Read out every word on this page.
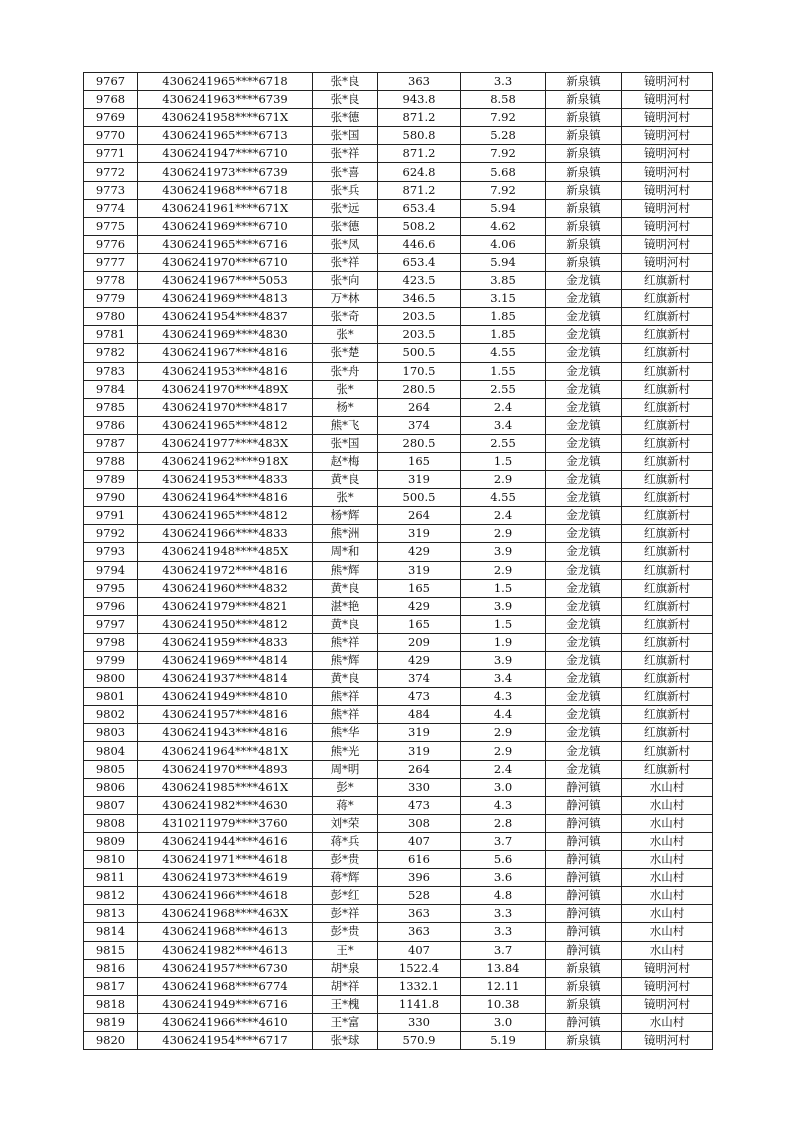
9767	4306241965****6718	张*良	363	3.3	新泉镇	镜明河村
9768	4306241963****6739	张*良	943.8	8.58	新泉镇	镜明河村
9769	4306241958****671X	张*德	871.2	7.92	新泉镇	镜明河村
9770	4306241965****6713	张*国	580.8	5.28	新泉镇	镜明河村
9771	4306241947****6710	张*祥	871.2	7.92	新泉镇	镜明河村
9772	4306241973****6739	张*喜	624.8	5.68	新泉镇	镜明河村
9773	4306241968****6718	张*兵	871.2	7.92	新泉镇	镜明河村
9774	4306241961****671X	张*远	653.4	5.94	新泉镇	镜明河村
9775	4306241969****6710	张*德	508.2	4.62	新泉镇	镜明河村
9776	4306241965****6716	张*凤	446.6	4.06	新泉镇	镜明河村
9777	4306241970****6710	张*祥	653.4	5.94	新泉镇	镜明河村
9778	4306241967****5053	张*向	423.5	3.85	金龙镇	红旗新村
9779	4306241969****4813	万*林	346.5	3.15	金龙镇	红旗新村
9780	4306241954****4837	张*奇	203.5	1.85	金龙镇	红旗新村
9781	4306241969****4830	张*	203.5	1.85	金龙镇	红旗新村
9782	4306241967****4816	张*楚	500.5	4.55	金龙镇	红旗新村
9783	4306241953****4816	张*舟	170.5	1.55	金龙镇	红旗新村
9784	4306241970****489X	张*	280.5	2.55	金龙镇	红旗新村
9785	4306241970****4817	杨*	264	2.4	金龙镇	红旗新村
9786	4306241965****4812	熊*飞	374	3.4	金龙镇	红旗新村
9787	4306241977****483X	张*国	280.5	2.55	金龙镇	红旗新村
9788	4306241962****918X	赵*梅	165	1.5	金龙镇	红旗新村
9789	4306241953****4833	黄*良	319	2.9	金龙镇	红旗新村
9790	4306241964****4816	张*	500.5	4.55	金龙镇	红旗新村
9791	4306241965****4812	杨*辉	264	2.4	金龙镇	红旗新村
9792	4306241966****4833	熊*洲	319	2.9	金龙镇	红旗新村
9793	4306241948****485X	周*和	429	3.9	金龙镇	红旗新村
9794	4306241972****4816	熊*辉	319	2.9	金龙镇	红旗新村
9795	4306241960****4832	黄*良	165	1.5	金龙镇	红旗新村
9796	4306241979****4821	湛*艳	429	3.9	金龙镇	红旗新村
9797	4306241950****4812	黄*良	165	1.5	金龙镇	红旗新村
9798	4306241959****4833	熊*祥	209	1.9	金龙镇	红旗新村
9799	4306241969****4814	熊*辉	429	3.9	金龙镇	红旗新村
9800	4306241937****4814	黄*良	374	3.4	金龙镇	红旗新村
9801	4306241949****4810	熊*祥	473	4.3	金龙镇	红旗新村
9802	4306241957****4816	熊*祥	484	4.4	金龙镇	红旗新村
9803	4306241943****4816	熊*华	319	2.9	金龙镇	红旗新村
9804	4306241964****481X	熊*光	319	2.9	金龙镇	红旗新村
9805	4306241970****4893	周*明	264	2.4	金龙镇	红旗新村
9806	4306241985****461X	彭*	330	3.0	静河镇	水山村
9807	4306241982****4630	蒋*	473	4.3	静河镇	水山村
9808	4310211979****3760	刘*荣	308	2.8	静河镇	水山村
9809	4306241944****4616	蒋*兵	407	3.7	静河镇	水山村
9810	4306241971****4618	彭*贵	616	5.6	静河镇	水山村
9811	4306241973****4619	蒋*辉	396	3.6	静河镇	水山村
9812	4306241966****4618	彭*红	528	4.8	静河镇	水山村
9813	4306241968****463X	彭*祥	363	3.3	静河镇	水山村
9814	4306241968****4613	彭*贵	363	3.3	静河镇	水山村
9815	4306241982****4613	王*	407	3.7	静河镇	水山村
9816	4306241957****6730	胡*泉	1522.4	13.84	新泉镇	镜明河村
9817	4306241968****6774	胡*祥	1332.1	12.11	新泉镇	镜明河村
9818	4306241949****6716	王*槐	1141.8	10.38	新泉镇	镜明河村
9819	4306241966****4610	王*富	330	3.0	静河镇	水山村
9820	4306241954****6717	张*球	570.9	5.19	新泉镇	镜明河村
